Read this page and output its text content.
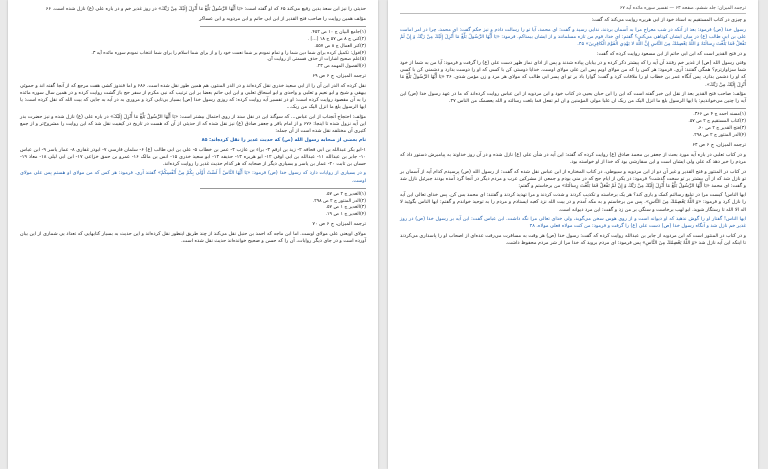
حدیثی را نیز ابن سعد بدین رفیع می‌کند ۶۵ که او گفته است: «يَا أَيُّهَا الرَّسُولُ بَلِّغْ مَا أُنْزِلَ إِلَيْكَ مِنْ رَبِّكَ» در روز غدیر خم و در باره علی (ع) نازل شده است. ۶۶

مؤلف همین روایت را صاحب فتح القدیر از ابن ابی حاتم و ابن مردویه و ابن عساکر

(۱)جامع البیان ج ۱۰ ص ۴۵۲.

(۲)کنی ج ۸ ص ۵۷ ح ۱۸ [...] .

(۳)کنز العمال ج ۸ ص ۵۵۷.

(۴)قول: تکمیل کرده برای شما دین شما را و تمام نمودم بر شما نعمت خود را و از برای شما اسلام را برای شما انتخاب نمودم سوره مائده آیه ۳.

(۵)علم صحیح اشارات از حذف قسمتی از روایت آن.

(۶)الفصول المهمه ص ۲۳.

ترجمه المیزان، ج ۶ ص ۶۹

نقل کرده که الدر ابن آن را از ابی سعید خدری نقل کرده‌اند و در الدر المنثور، هم همین طور نقل شده است. ۶۸۶ و اما قندوز کشی هفت مرجع که از آنجا گفته اند و حموئی بیهقی و شیخ و ابو نعیم و ثعلبی و واحدی و ابو اسحاق ثعلبی و ابن ابی حاتم بعضا بر این ترتیب که نبی مکرم از سفر حج باز گشت روایت کرده و در همین سال سوره مائده را به آن مقصود روایت کرده است: او در تفسیر آیه روایت کرده: که روزی رسول خدا (ص) بسیار بی‌تابی کرد و مروری به در آیه به جایی که بیت الله که نقل کرده است: یا ایها الرسول بلغ ما انزل الیک من ربک...

مؤلف: احتجاج آنجناب از ابن عباس... که سوگند این در نقل سند از روی احتمال بیشتر است: «یَا أَیُّهَا الرَّسُولُ بَلِّغْ مَا أُنْزِلَ إِلَیْکَ» در باره علی (ع) نازل شده و نیز حضرت بدر این آیه نزول شده تا اینجا: ۶۷۶ و از امام باقر و جعفر صادق (ع) نیز نقل شده که از حدیثی از آن که هست در تاریخ در کیفیت نقل شد که این روایت را مشروح‌تر و از جمع کثیری آن مختلفه نقل شده است از آن جمله:

نام بعضی از صحابه رسول الله (ص) که حدیث غدیر را نقل کرده‌اند: ۸۵

۱-ابو بکر عبدالله بن ابی قحافه ۲- زید بن ارقم ۳- براء بن عازب ۴- عمر بن خطاب ۵- علی بن ابی طالب (ع) ۶- سلمان فارسی ۷- ابوذر غفاری ۸- عمار یاسر ۹- ابن عباس ۱۰- جابر بن عبدالله ۱۱- عبدالله بن ابی اوفی ۱۲- ابو هریره ۱۳- حذیفه ۱۴- ابو سعید خدری ۱۵- انس بن مالک ۱۶- عمرو بن حمق خزاعی ۱۷- ابن ابی لیلی ۱۸- معاذ ۱۹- حسان بن ثابت ۲۰- عمار بن یاسر و بسیاری دیگر از صحابه که هر کدام حدیث غدیر را روایت کرده‌اند.

و در بسیاری از روایات دارد که رسول خدا (ص) فرمود: «يَا أَيُّهَا النَّاسُ أَ لَسْتُ أَوْلَى بِكُمْ مِنْ أَنْفُسِكُمْ» گفتند آری. فرمود: هر کس که من مولای او هستم پس علی مولای اوست.

(۱)الغدیر ج ۲ ص ۵۷.

(۲)الدر المنثور ج ۲ ص ۲۹۸.

(۳)الغدیر ج ۱ ص ۵۷.

(۴)الغدیر ج ۱ ص ۱۹.

ترجمه المیزان، ج ۶ ص ۷۰

مولای اویعنی علی مولای اوست. اما ابن ماجه که احمد بن حنبل نقل می‌کند از چند طریق اینطور نقل کرده‌اند و این حدیث به بسیار کتابهایی که تعداد بی شماری از این بیان آورده است و در جای دیگر روایات، آن را که حسن و صحیح خوانده‌اند حدیث نقل شده است.

ترجمه المیزان: جلد ششم، صفحه ۶۳ — تفسیر سوره مائده آیه ۶۷

و چیزی در کتاب المستقیم به اسناد خود از ابی هریره روایت می‌کند که گفت:

رسول خدا (ص) فرمود: بعد از آنکه در شب معراج مرا به آسمان بردند، ندایی رسید و گفت: ای محمد، آیا تو را رسالت دادم و نیز حکم گفت: ای محمد، چرا در امر امامت علی بن ابی طالب (ع) در میان ایشان کوتاهی می‌کنی؟ گفتم: ای خدا، قوم من تازه مسلمانند و از ایشان بیمناکم. فرمود: «يَا أَيُّهَا الرَّسُولُ بَلِّغْ مَا أُنْزِلَ إِلَيْكَ مِنْ رَبِّكَ وَ إِنْ لَمْ تَفْعَلْ فَمَا بَلَّغْتَ رِسالَتَهُ وَ اللَّهُ يَعْصِمُكَ مِنَ النَّاسِ إِنَّ اللَّهَ لا يَهْدِي الْقَوْمَ الْكافِرِينَ» ۴۵.

و در فتح القدیر است که ابن ابی حاتم از ابن مسعود روایت کرده که گفت:

وقتی رسول الله (ص) از غدیر خم رفتند آن آیه را که پیشتر ذکر کرده و در بیابان پیاده شدند و پس از ادای نماز ظهر دست علی (ع) را گرفت و فرمود: آیا من به شما از خود شما سزاوارترم؟ همگی گفتند: آری. فرمود: هر کس را که من مولای اویم پس این علی مولای اوست. خدایا دوستی کن با کسی که او را دوست بدارد و دشمنی کن با کسی که او را دشمن بدارد. پس آنگاه عمر بن خطاب او را ملاقات کرد و گفت: گوارا باد بر تو ای پسر ابی طالب که مولای هر مرد و زن مؤمن شدی. ۴۶ «يَا أَيُّهَا الرَّسُولُ بَلِّغْ مَا أُنْزِلَ إِلَيْكَ مِنْ رَبِّكَ».

مؤلف: صاحب فتح القدیر بعد از نقل این خبر گفته است که این را ابن حبان بحیی در کتاب خود و ابن مردویه از ابن عباس روایت کرده‌اند که ما در عهد رسول خدا (ص) این آیه را چنین می‌خواندیم: یا ایها الرسول بلغ ما انزل الیک من ربک ان علیا مولی المؤمنین و ان لم تفعل فما بلغت رسالته و الله یعصمک من الناس ۴۷.

(۱)مسند احمد ج ۴ ص ۳۶۶.

(۲)کتاب المستقیم ج ۲ ص ۵۷.

(۳)فتح القدیر ج ۲ ص ۶۰.

(۴)الدر المنثور ج ۲ ص ۲۹۸.

ترجمه المیزان، ج ۶ ص ۶۴

و در کتاب ثعلبی در باره آیه مورد بحث از جعفر بن محمد صادق (ع) روایت کرده که گفته: این آیه در شأن علی (ع) نازل شده و در آن روز خداوند به پیامبرش دستور داد که مردم را خبر دهد که علی ولی ایشان است و این سفارشی بود که خدا از او خواسته بود.

در کتاب در المنثور و فتح القدیر و غیر آن دو از ابن مردویه و سیوطی، در کتاب المختاره از ابن عباس نقل شده که گفت: از رسول الله (ص) پرسیدم کدام آیه از آسمان بر تو نازل شد که از آن بیشتر بر تو سخت گذشت؟ فرمود: در یکی از ایام حج که در منی بودم و جمعی از مشرکین عرب و مردم دیگر در آنجا گرد آمده بودند جبرئیل نازل شد و گفت: ای محمد «يَا أَيُّهَا الرَّسُولُ بَلِّغْ مَا أُنْزِلَ إِلَيْكَ مِنْ رَبِّكَ وَ إِنْ لَمْ تَفْعَلْ فَمَا بَلَّغْتَ رِسالَتَهُ» من برخاستم و گفتم:

ایها الناس! کیست مرا در تبلیغ رسالتم کمک و یاری کند؟ هر یک برخاسته و تکذیب کردند و شدت کردند و مرا تهدید کردند و گفتند: ای محمد بس کن. پس خدای تعالی این آیه را نازل کرد و فرمود: «وَ اللَّهُ يَعْصِمُكَ مِنَ النَّاسِ». پس من برخاستم و به مکه آمدم و در بیت الله نزد کعبه ایستادم و مردم را به توحید خواندم و گفتم: ایها الناس بگوئید لا اله الا الله تا رستگار شوید. ابو لهب برخاست و سنگی بر من زد و گفت: این مرد دیوانه است.

ایها الناس! گفتار او را گوش ندهید که او دیوانه است و از روی هوس سخن می‌گوید، ولی خدای تعالی مرا نگه داشت. ابن عباس گفت: این آیه بر رسول خدا (ص) در روز غدیر خم نازل شد و آنگاه رسول خدا (ص) دست علی (ع) را گرفت و فرمود: من کنت مولاه فعلی مولاه. ۴۸

و در کتاب در المنثور است که ابن مردویه از جابر بن عبدالله روایت کرده که گفت: رسول خدا (ص) هر وقت به مسافرت می‌رفت عده‌ای از اصحاب او را پاسداری می‌کردند تا اینکه این آیه نازل شد «وَ اللَّهُ يَعْصِمُكَ مِنَ النَّاسِ» پس فرمود: ای مردم بروید که خدا مرا از شر مردم محفوظ داشت.
